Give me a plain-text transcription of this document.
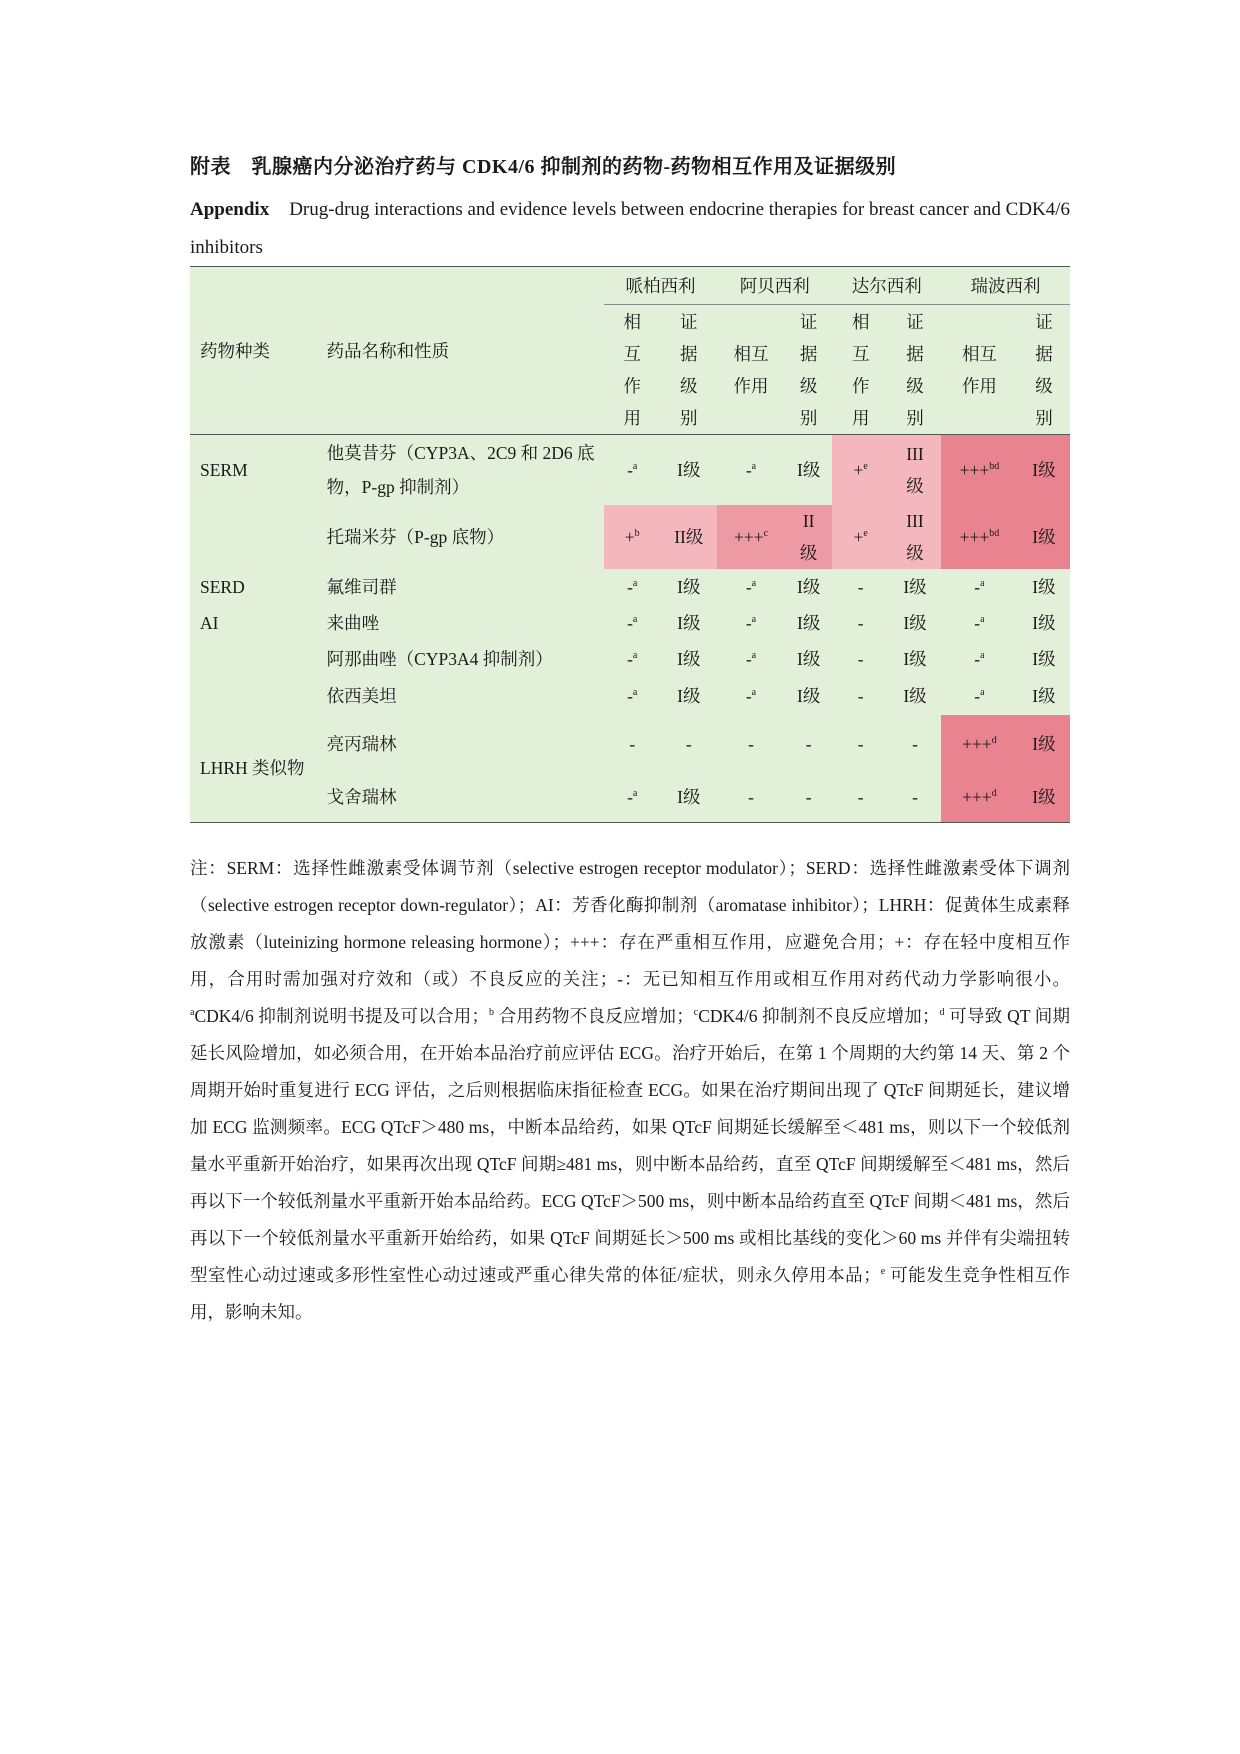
附表　乳腺癌内分泌治疗药与 CDK4/6 抑制剂的药物-药物相互作用及证据级别
Appendix Drug-drug interactions and evidence levels between endocrine therapies for breast cancer and CDK4/6 inhibitors
药物种类	药品名称和性质	哌柏西利		阿贝西利		达尔西利		瑞波西利	
		相互作用	证据级别	相互作用	证据级别	相互作用	证据级别	相互作用	证据级别
SERM	他莫昔芬（CYP3A、2C9 和 2D6 底物，P-gp 抑制剂）	-$^a$	I级	-$^a$	I级	+$^e$	III级	+++$^{bd}$	I级
	托瑞米芬（P-gp 底物）	+$^b$	II级	+++$^c$	II级	+$^e$	III级	+++$^{bd}$	I级
SERD	氟维司群	-$^a$	I级	-$^a$	I级	-	I级	-$^a$	I级
AI	来曲唑	-$^a$	I级	-$^a$	I级	-	I级	-$^a$	I级
	阿那曲唑（CYP3A4 抑制剂）	-$^a$	I级	-$^a$	I级	-	I级	-$^a$	I级
	依西美坦	-$^a$	I级	-$^a$	I级	-	I级	-$^a$	I级
LHRH 类似物	亮丙瑞林	-	-	-	-	-	-	+++$^d$	I级
	戈舍瑞林	-$^a$	I级	-	-	-	-	+++$^d$	I级
注：SERM：选择性雌激素受体调节剂（selective estrogen receptor modulator）；SERD：选择性雌激素受体下调剂（selective estrogen receptor down-regulator）；AI：芳香化酶抑制剂（aromatase inhibitor）；LHRH：促黄体生成素释放激素（luteinizing hormone releasing hormone）；+++：存在严重相互作用，应避免合用；+：存在轻中度相互作用，合用时需加强对疗效和（或）不良反应的关注；-：无已知相互作用或相互作用对药代动力学影响很小。$^a$CDK4/6 抑制剂说明书提及可以合用；$^b$ 合用药物不良反应增加；$^c$CDK4/6 抑制剂不良反应增加；$^d$ 可导致 QT 间期延长风险增加，如必须合用，在开始本品治疗前应评估 ECG。治疗开始后，在第 1 个周期的大约第 14 天、第 2 个周期开始时重复进行 ECG 评估，之后则根据临床指征检查 ECG。如果在治疗期间出现了 QTcF 间期延长，建议增加 ECG 监测频率。ECG QTcF＞480 ms，中断本品给药，如果 QTcF 间期延长缓解至＜481 ms，则以下一个较低剂量水平重新开始治疗，如果再次出现 QTcF 间期≥481 ms，则中断本品给药，直至 QTcF 间期缓解至＜481 ms，然后再以下一个较低剂量水平重新开始本品给药。ECG QTcF＞500 ms，则中断本品给药直至 QTcF 间期＜481 ms，然后再以下一个较低剂量水平重新开始给药，如果 QTcF 间期延长＞500 ms 或相比基线的变化＞60 ms 并伴有尖端扭转型室性心动过速或多形性室性心动过速或严重心律失常的体征/症状，则永久停用本品；$^e$ 可能发生竞争性相互作用，影响未知。
